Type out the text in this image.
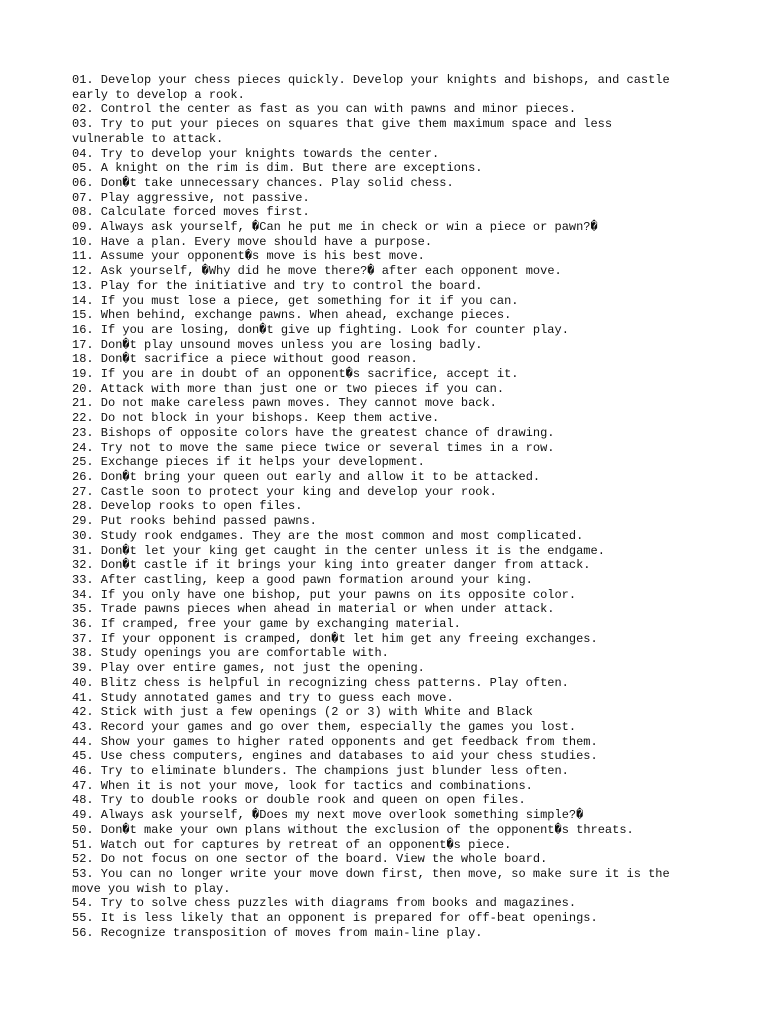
01. Develop your chess pieces quickly. Develop your knights and bishops, and castle
early to develop a rook.
02. Control the center as fast as you can with pawns and minor pieces.
03. Try to put your pieces on squares that give them maximum space and less
vulnerable to attack.
04. Try to develop your knights towards the center.
05. A knight on the rim is dim. But there are exceptions.
06. Don�t take unnecessary chances. Play solid chess.
07. Play aggressive, not passive.
08. Calculate forced moves first.
09. Always ask yourself, �Can he put me in check or win a piece or pawn?�
10. Have a plan. Every move should have a purpose.
11. Assume your opponent�s move is his best move.
12. Ask yourself, �Why did he move there?� after each opponent move.
13. Play for the initiative and try to control the board.
14. If you must lose a piece, get something for it if you can.
15. When behind, exchange pawns. When ahead, exchange pieces.
16. If you are losing, don�t give up fighting. Look for counter play.
17. Don�t play unsound moves unless you are losing badly.
18. Don�t sacrifice a piece without good reason.
19. If you are in doubt of an opponent�s sacrifice, accept it.
20. Attack with more than just one or two pieces if you can.
21. Do not make careless pawn moves. They cannot move back.
22. Do not block in your bishops. Keep them active.
23. Bishops of opposite colors have the greatest chance of drawing.
24. Try not to move the same piece twice or several times in a row.
25. Exchange pieces if it helps your development.
26. Don�t bring your queen out early and allow it to be attacked.
27. Castle soon to protect your king and develop your rook.
28. Develop rooks to open files.
29. Put rooks behind passed pawns.
30. Study rook endgames. They are the most common and most complicated.
31. Don�t let your king get caught in the center unless it is the endgame.
32. Don�t castle if it brings your king into greater danger from attack.
33. After castling, keep a good pawn formation around your king.
34. If you only have one bishop, put your pawns on its opposite color.
35. Trade pawns pieces when ahead in material or when under attack.
36. If cramped, free your game by exchanging material.
37. If your opponent is cramped, don�t let him get any freeing exchanges.
38. Study openings you are comfortable with.
39. Play over entire games, not just the opening.
40. Blitz chess is helpful in recognizing chess patterns. Play often.
41. Study annotated games and try to guess each move.
42. Stick with just a few openings (2 or 3) with White and Black
43. Record your games and go over them, especially the games you lost.
44. Show your games to higher rated opponents and get feedback from them.
45. Use chess computers, engines and databases to aid your chess studies.
46. Try to eliminate blunders. The champions just blunder less often.
47. When it is not your move, look for tactics and combinations.
48. Try to double rooks or double rook and queen on open files.
49. Always ask yourself, �Does my next move overlook something simple?�
50. Don�t make your own plans without the exclusion of the opponent�s threats.
51. Watch out for captures by retreat of an opponent�s piece.
52. Do not focus on one sector of the board. View the whole board.
53. You can no longer write your move down first, then move, so make sure it is the
move you wish to play.
54. Try to solve chess puzzles with diagrams from books and magazines.
55. It is less likely that an opponent is prepared for off-beat openings.
56. Recognize transposition of moves from main-line play.
